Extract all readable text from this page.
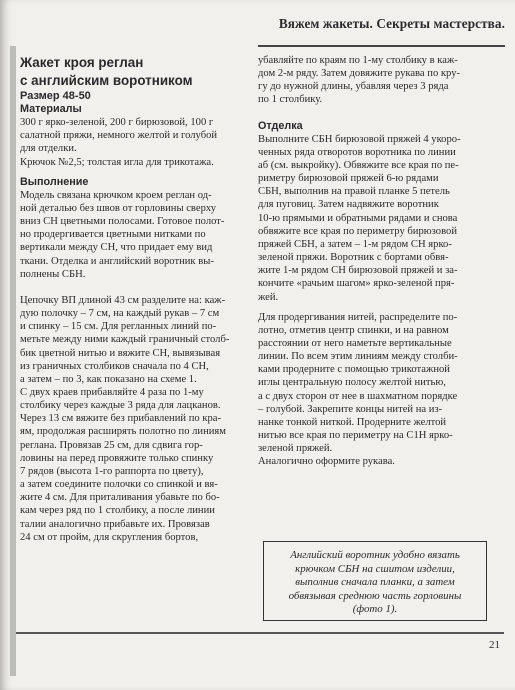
Вяжем жакеты. Секреты мастерства.

Жакет кроя реглан
с английским воротником

Размер 48-50

Материалы

300 г ярко-зеленой, 200 г бирюзовой, 100 г
салатной пряжи, немного желтой и голубой
для отделки.
Крючок №2,5; толстая игла для трикотажа.

Выполнение

Модель связана крючком кроем реглан од-
ной деталью без швов от горловины сверху
вниз СН цветными полосами. Готовое полот-
но продергивается цветными нитками по
вертикали между СН, что придает ему вид
ткани. Отделка и английский воротник вы-
полнены СБН.

Цепочку ВП длиной 43 см разделите на: каж-
дую полочку – 7 см, на каждый рукав – 7 см
и спинку – 15 см. Для регланных линий по-
метьте между ними каждый граничный столб-
бик цветной нитью и вяжите СН, вывязывая
из граничных столбиков сначала по 4 СН,
а затем – по 3, как показано на схеме 1.
С двух краев прибавляйте 4 раза по 1-му
столбику через каждые 3 ряда для лацканов.
Через 13 см вяжите без прибавлений по кра-
ям, продолжая расширять полотно по линиям
реглана. Провязав 25 см, для сдвига гор-
ловины на перед провяжите только спинку
7 рядов (высота 1-го раппорта по цвету),
а затем соедините полочки со спинкой и вя-
жите 4 см. Для приталивания убавьте по бо-
кам через ряд по 1 столбику, а после линии
талии аналогично прибавьте их. Провязав
24 см от пройм, для скругления бортов,

убавляйте по краям по 1-му столбику в каж-
дом 2-м ряду. Затем довяжите рукава по кру-
гу до нужной длины, убавляя через 3 ряда
по 1 столбику.

Отделка

Выполните СБН бирюзовой пряжей 4 укоро-
ченных ряда отворотов воротника по линии
аб (см. выкройку). Обвяжите все края по пе-
риметру бирюзовой пряжей 6-ю рядами
СБН, выполнив на правой планке 5 петель
для пуговиц. Затем надвяжите воротник
10-ю прямыми и обратными рядами и снова
обвяжите все края по периметру бирюзовой
пряжей СБН, а затем – 1-м рядом СН ярко-
зеленой пряжи. Воротник с бортами обвя-
жите 1-м рядом СН бирюзовой пряжей и за-
кончите «рачьим шагом» ярко-зеленой пря-
жей.

Для продергивания нитей, распределите по-
лотно, отметив центр спинки, и на равном
расстоянии от него наметьте вертикальные
линии. По всем этим линиям между столби-
ками продерните с помощью трикотажной
иглы центральную полосу желтой нитью,
а с двух сторон от нее в шахматном порядке
– голубой. Закрепите концы нитей на из-
нанке тонкой ниткой. Продерните желтой
нитью все края по периметру на С1Н ярко-
зеленой пряжей.
Аналогично оформите рукава.

Английский воротник удобно вязать
крючком СБН на сшитом изделии,
выполнив сначала планки, а затем
обвязывая среднюю часть горловины
(фото 1).
21
